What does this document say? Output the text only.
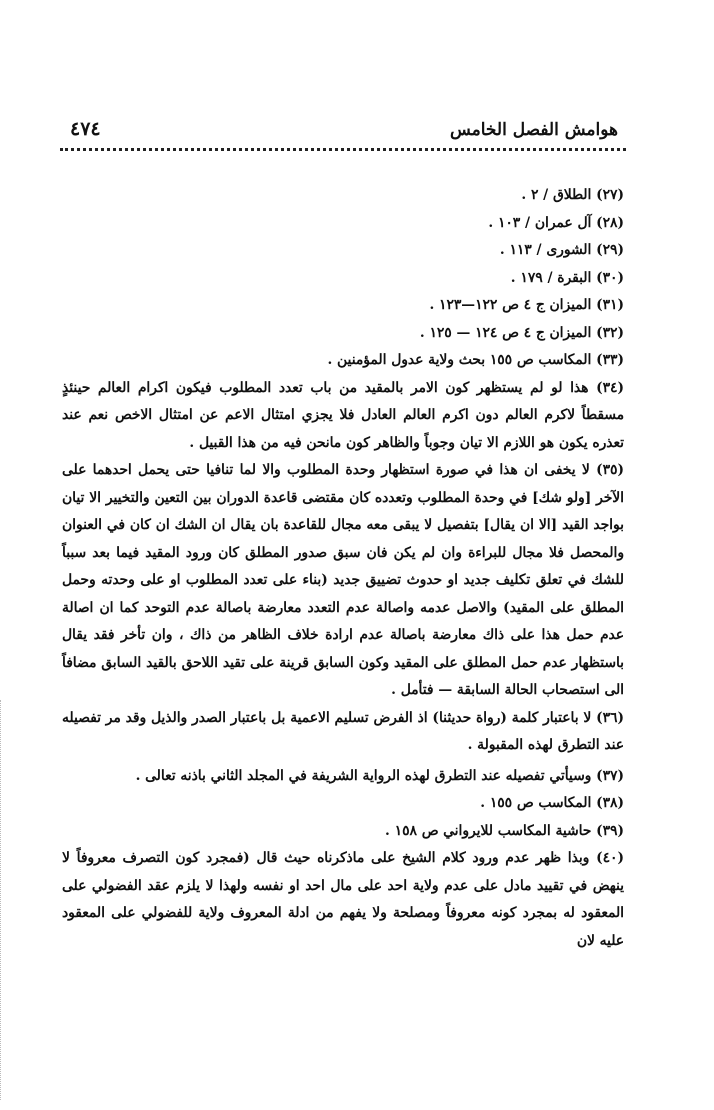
هوامش الفصل الخامس
٤٧٤

(٢٧) الطلاق / ٢ .

(٢٨) آل عمران / ١٠٣ .

(٢٩) الشورى / ١١٣ .

(٣٠) البقرة / ١٧٩ .

(٣١) الميزان ج ٤ ص ١٢٢—١٢٣ .

(٣٢) الميزان ج ٤ ص ١٢٤ — ١٢٥ .

(٣٣) المكاسب ص ١٥٥ بحث ولاية عدول المؤمنين .

(٣٤) هذا لو لم يستظهر كون الامر بالمقيد من باب تعدد المطلوب فيكون اكرام العالم حينئذٍ مسقطاً لاكرم العالم دون اكرم العالم العادل فلا يجزي امتثال الاعم عن امتثال الاخص نعم عند تعذره يكون هو اللازم الا تيان وجوباً والظاهر كون مانحن فيه من هذا القبيل .

(٣٥) لا يخفى ان هذا في صورة استظهار وحدة المطلوب والا لما تنافيا حتى يحمل احدهما على الآخر [ولو شك] في وحدة المطلوب وتعدده كان مقتضى قاعدة الدوران بين التعين والتخيير الا تيان بواجد القيد [الا ان يقال] بتفصيل لا يبقى معه مجال للقاعدة بان يقال ان الشك ان كان في العنوان والمحصل فلا مجال للبراءة وان لم يكن فان سبق صدور المطلق كان ورود المقيد فيما بعد سبباً للشك في تعلق تكليف جديد او حدوث تضييق جديد (بناء على تعدد المطلوب او على وحدته وحمل المطلق على المقيد) والاصل عدمه واصالة عدم التعدد معارضة باصالة عدم التوحد كما ان اصالة عدم حمل هذا على ذاك معارضة باصالة عدم ارادة خلاف الظاهر من ذاك ، وان تأخر فقد يقال باستظهار عدم حمل المطلق على المقيد وكون السابق قرينة على تقيد اللاحق بالقيد السابق مضافاً الى استصحاب الحالة السابقة — فتأمل .

(٣٦) لا باعتبار كلمة (رواة حديثنا) اذ الفرض تسليم الاعمية بل باعتبار الصدر والذيل وقد مر تفصيله عند التطرق لهذه المقبولة .

(٣٧) وسيأتي تفصيله عند التطرق لهذه الرواية الشريفة في المجلد الثاني باذنه تعالى .

(٣٨) المكاسب ص ١٥٥ .

(٣٩) حاشية المكاسب للايرواني ص ١٥٨ .

(٤٠) وبذا ظهر عدم ورود كلام الشيخ على ماذكرناه حيث قال (فمجرد كون التصرف معروفاً لا ينهض في تقييد مادل على عدم ولاية احد على مال احد او نفسه ولهذا لا يلزم عقد الفضولي على المعقود له بمجرد كونه معروفاً ومصلحة ولا يفهم من ادلة المعروف ولاية للفضولي على المعقود عليه لان
